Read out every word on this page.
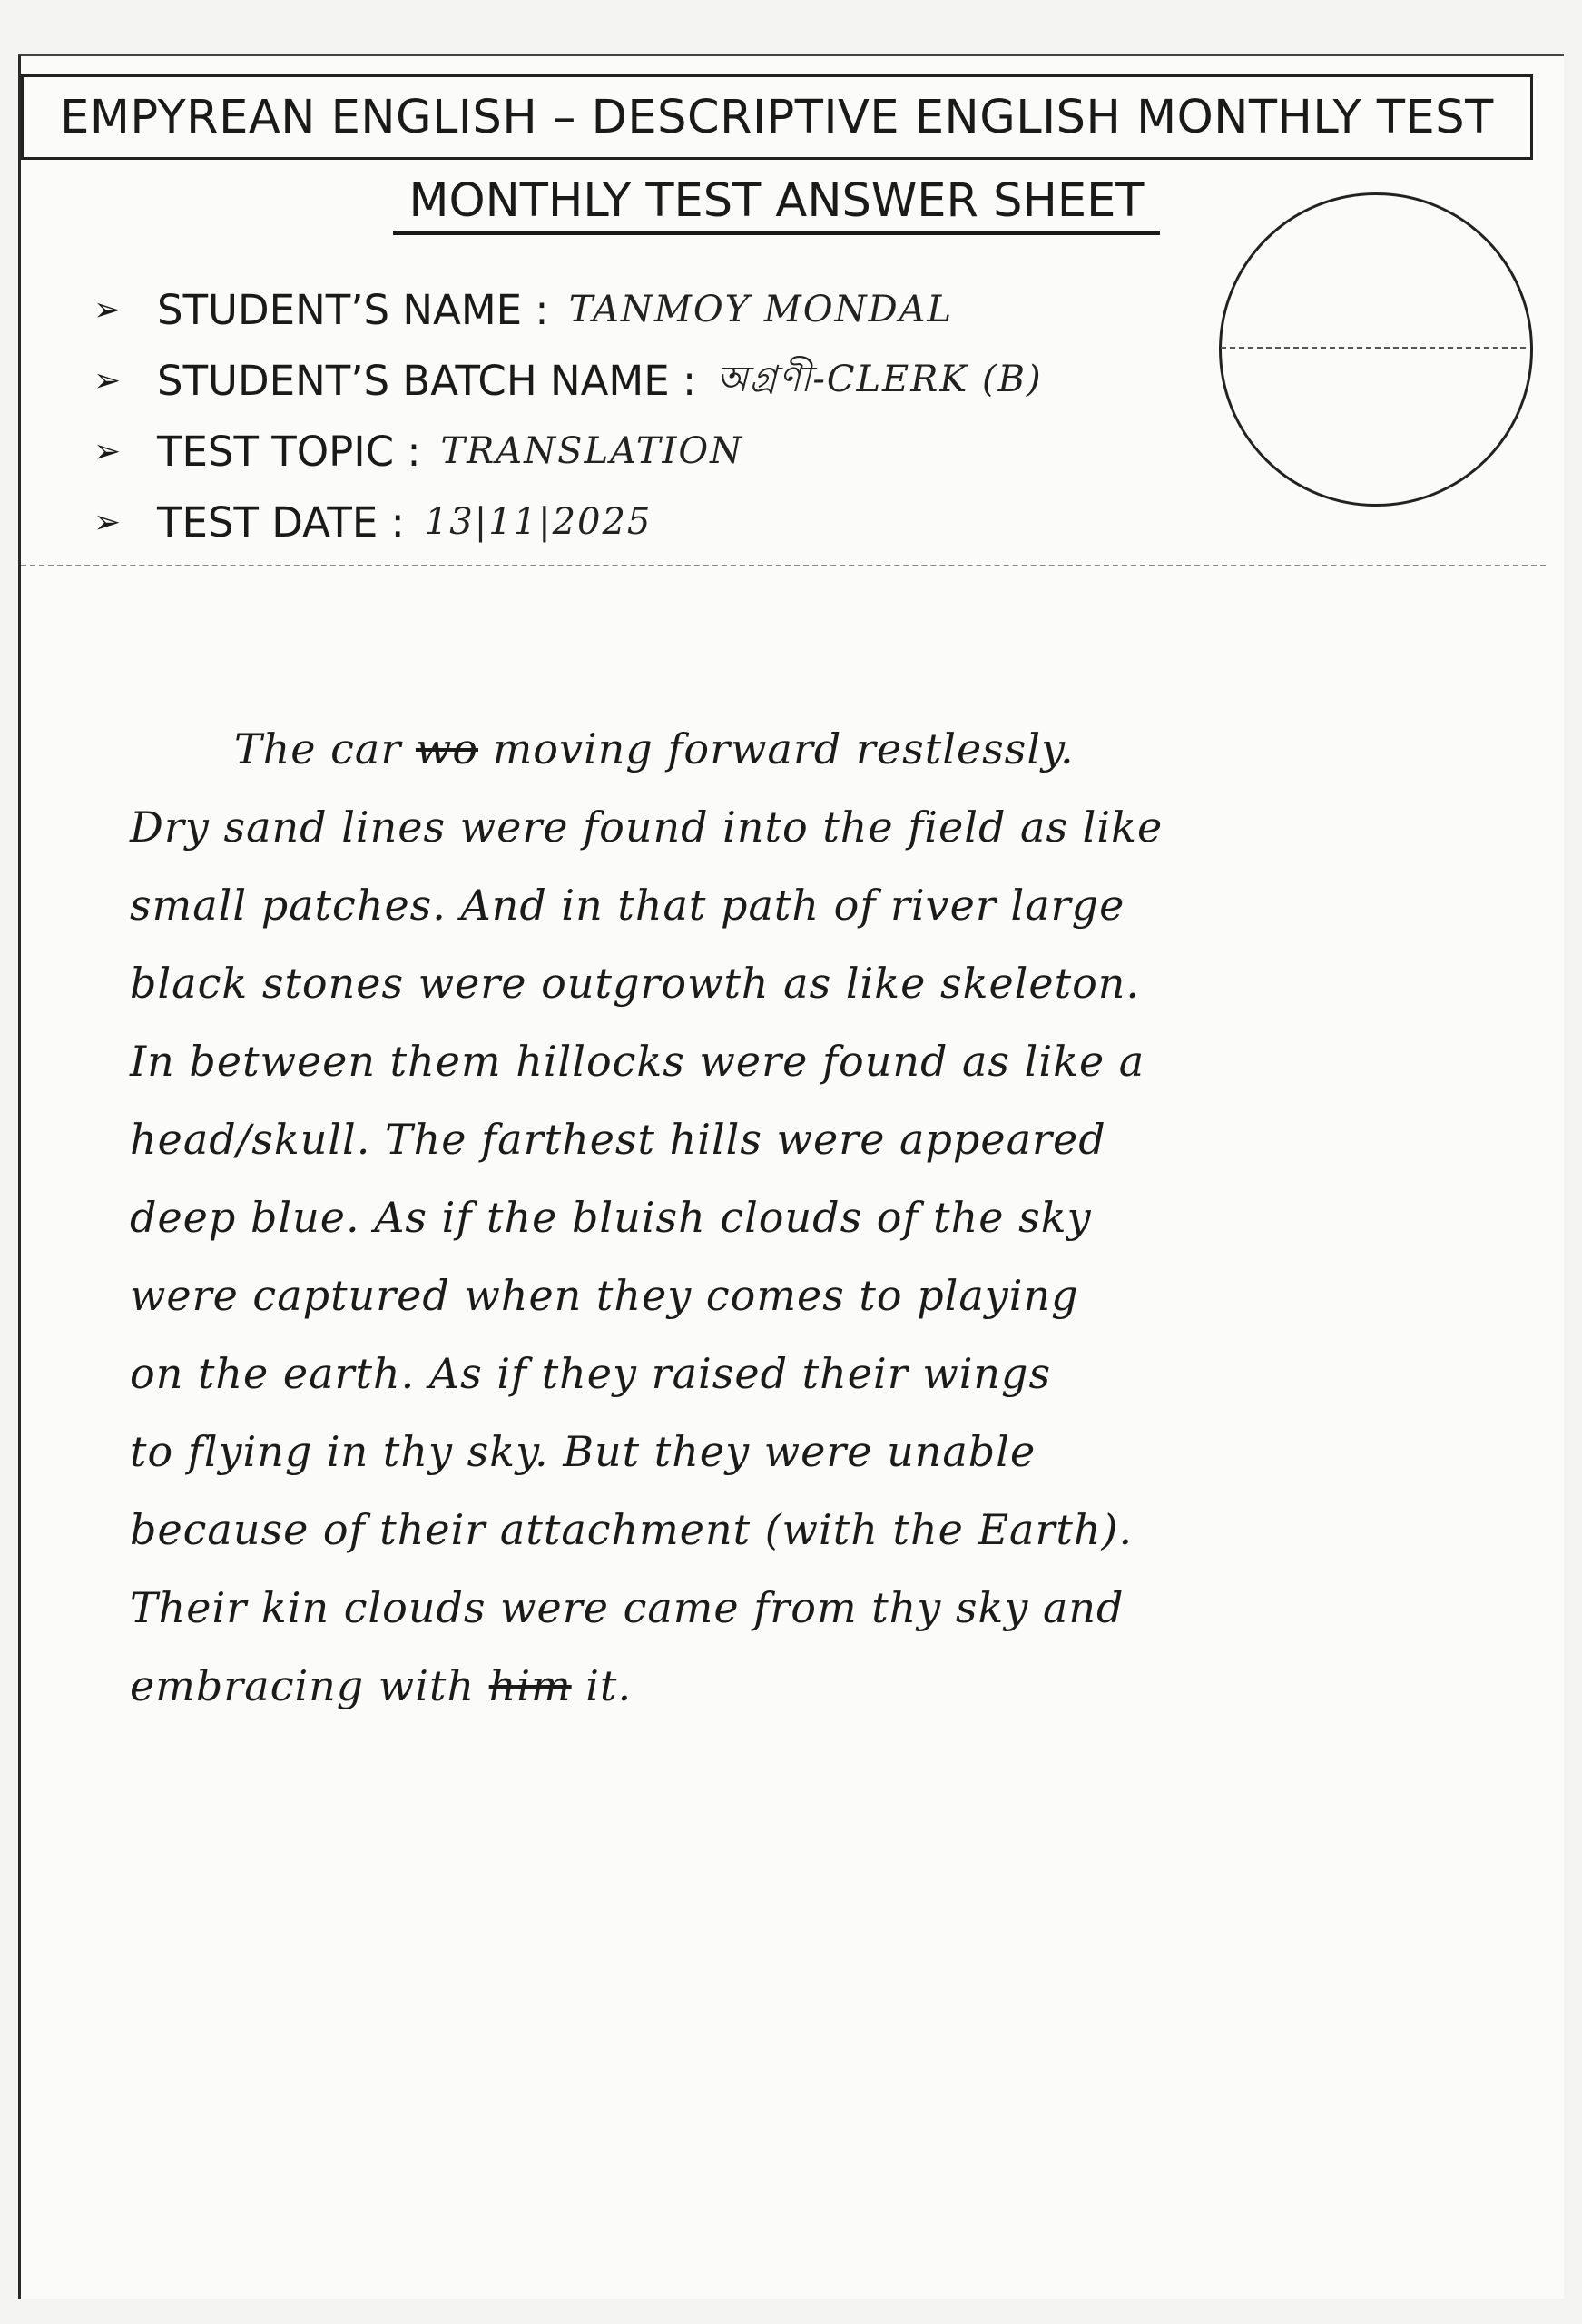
EMPYREAN ENGLISH – DESCRIPTIVE ENGLISH MONTHLY TEST
MONTHLY TEST ANSWER SHEET
➢ STUDENT’S NAME : TANMOY MONDAL
➢ STUDENT’S BATCH NAME : অগ্রণী-CLERK (B)
➢ TEST TOPIC : TRANSLATION
➢ TEST DATE : 13|11|2025
The car wo moving forward restlessly.
Dry sand lines were found into the field as like
small patches. And in that path of river large
black stones were outgrowth as like skeleton.
In between them hillocks were found as like a
head/skull. The farthest hills were appeared
deep blue. As if the bluish clouds of the sky
were captured when they comes to playing
on the earth. As if they raised their wings
to flying in thy sky. But they were unable
because of their attachment (with the Earth).
Their kin clouds were came from thy sky and
embracing with him it.
